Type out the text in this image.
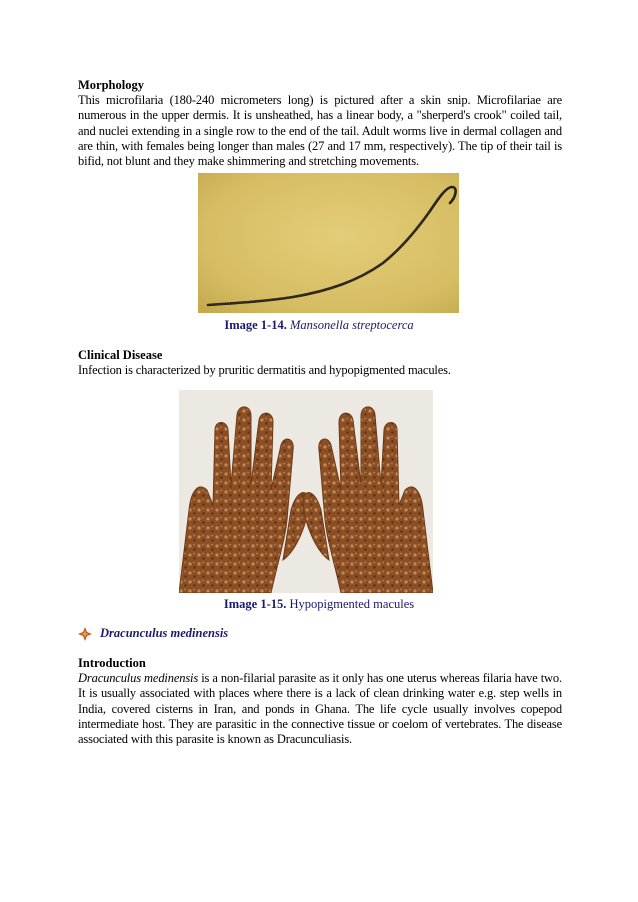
Morphology

This microfilaria (180-240 micrometers long) is pictured after a skin snip. Microfilariae are numerous in the upper dermis. It is unsheathed, has a linear body, a "sherperd's crook" coiled tail, and nuclei extending in a single row to the end of the tail. Adult worms live in dermal collagen and are thin, with females being longer than males (27 and 17 mm, respectively). The tip of their tail is bifid, not blunt and they make shimmering and stretching movements.

Image 1-14. Mansonella streptocerca

Clinical Disease

Infection is characterized by pruritic dermatitis and hypopigmented macules.

Image 1-15. Hypopigmented macules
Dracunculus medinensis

Introduction

Dracunculus medinensis is a non-filarial parasite as it only has one uterus whereas filaria have two. It is usually associated with places where there is a lack of clean drinking water e.g. step wells in India, covered cisterns in Iran, and ponds in Ghana. The life cycle usually involves copepod intermediate host. They are parasitic in the connective tissue or coelom of vertebrates. The disease associated with this parasite is known as Dracunculiasis.
